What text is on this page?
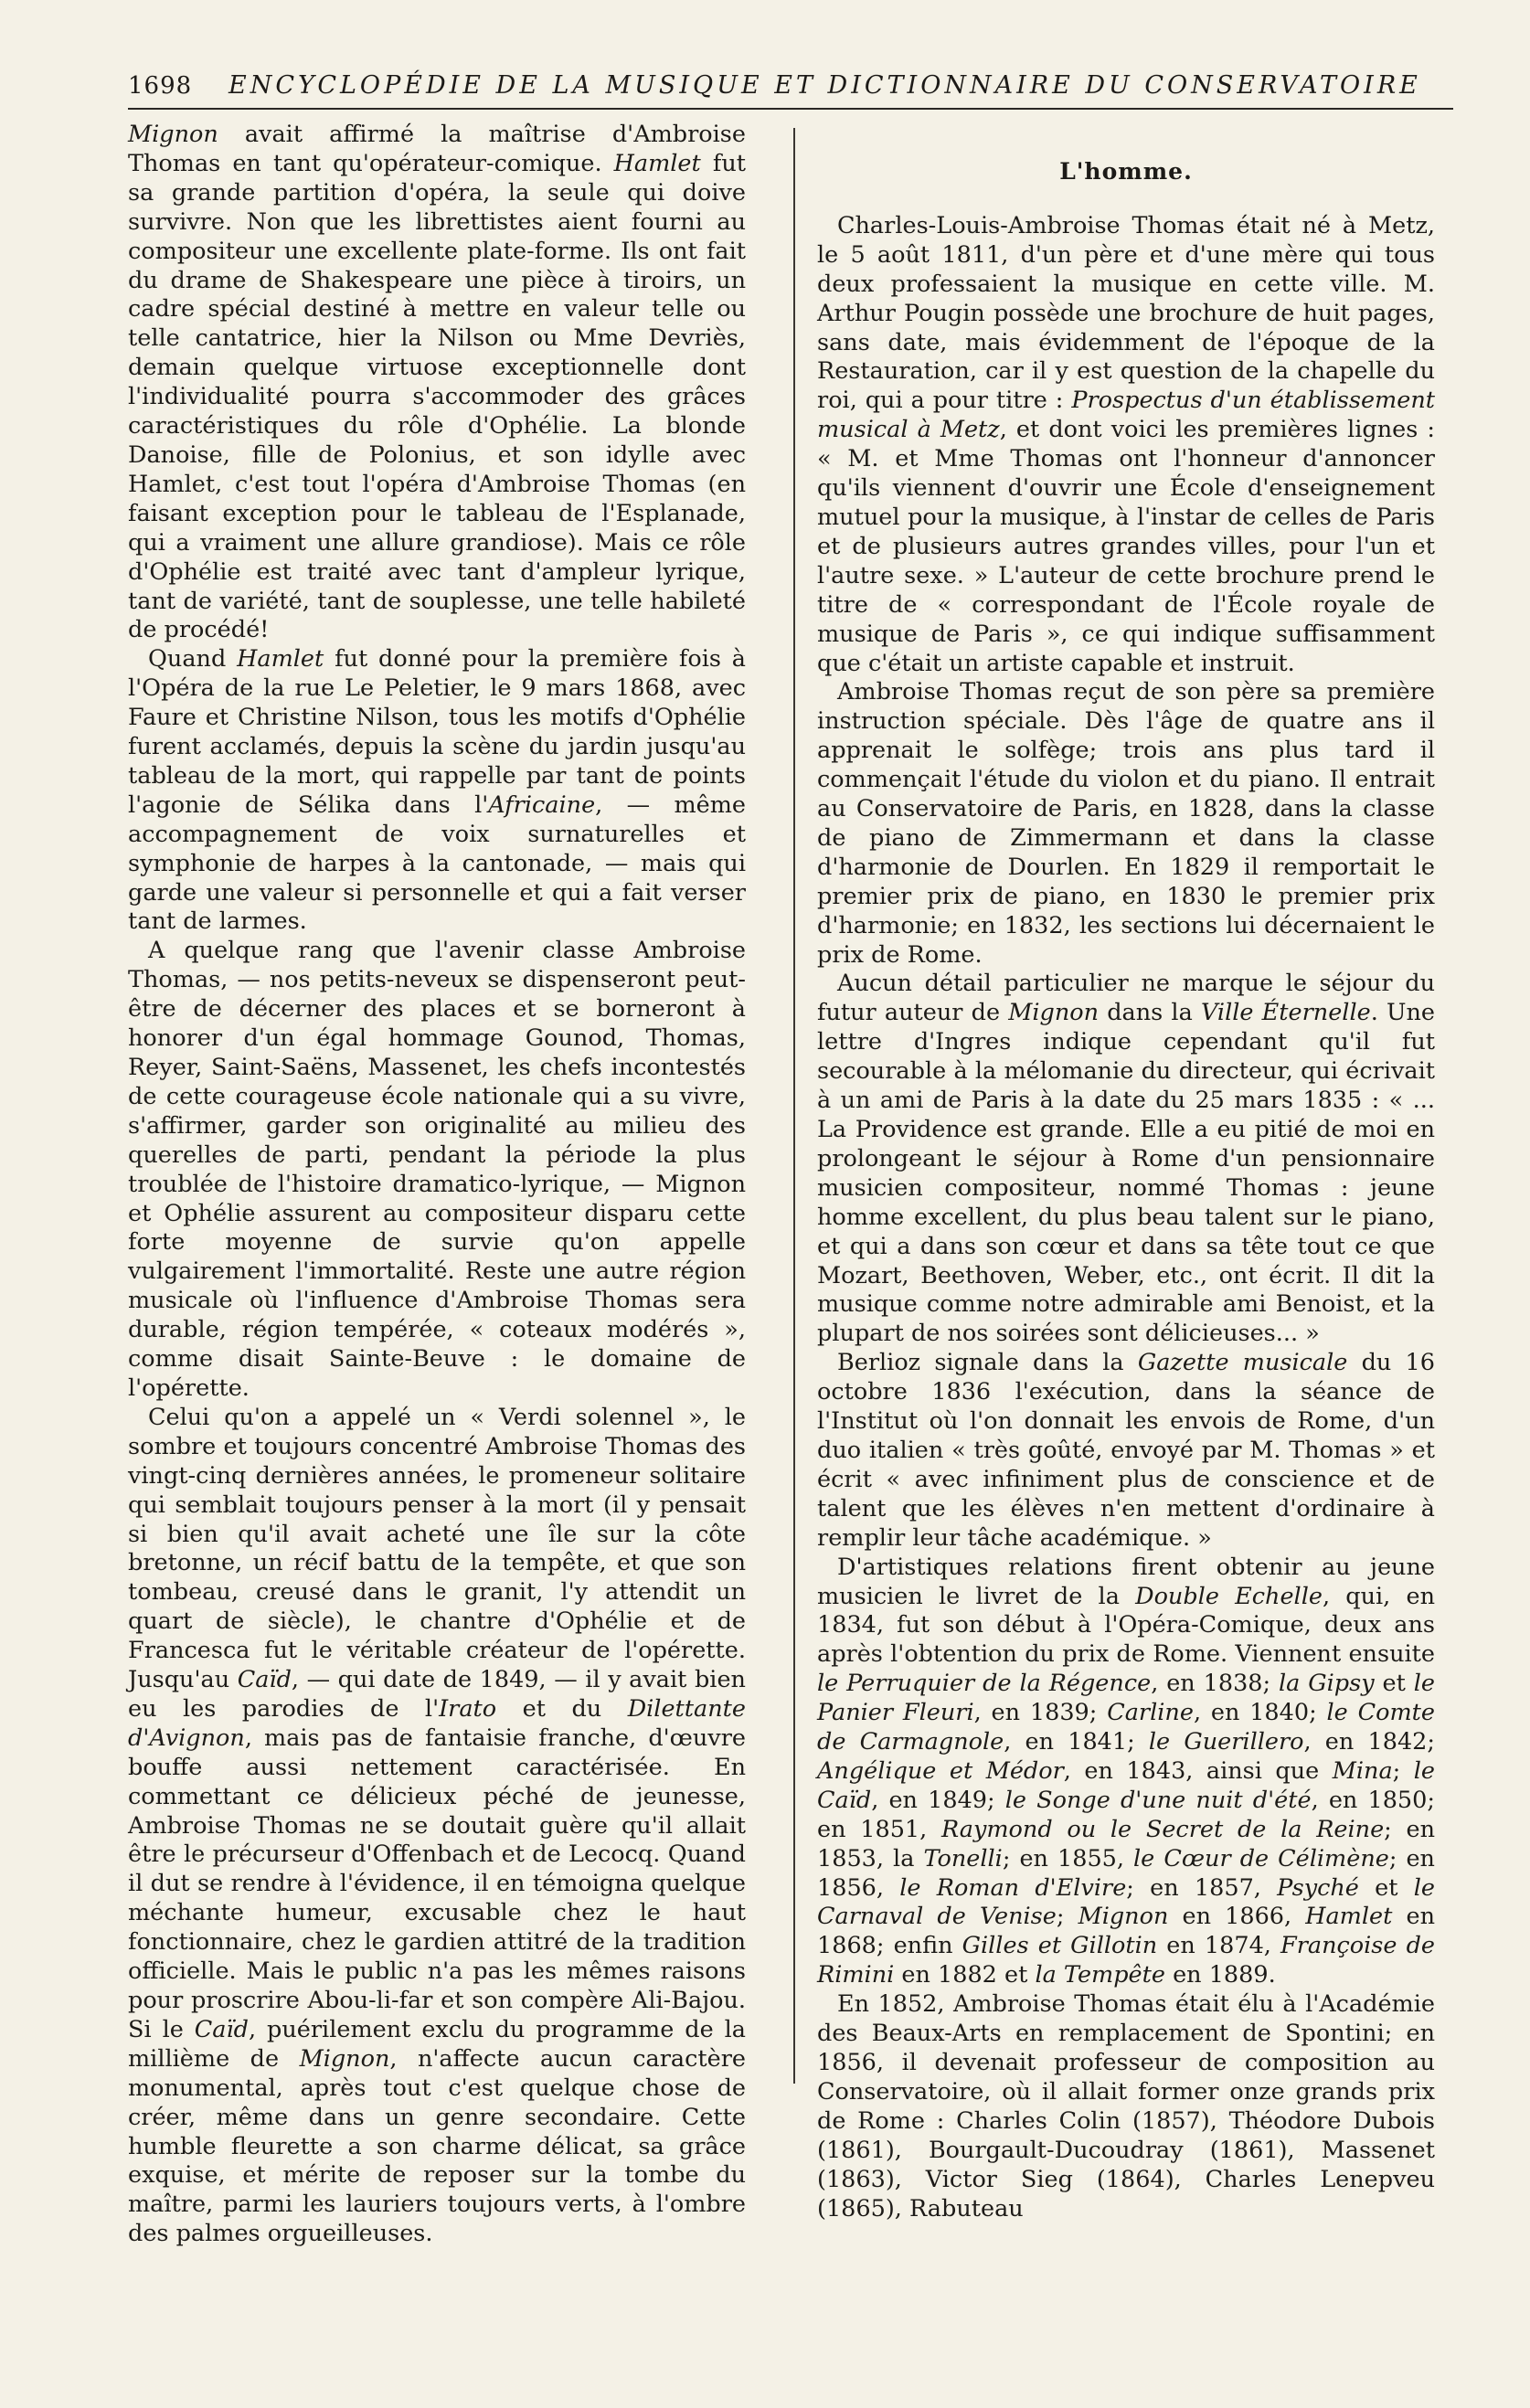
1698	ENCYCLOPÉDIE DE LA MUSIQUE ET DICTIONNAIRE DU CONSERVATOIRE

Mignon avait affirmé la maîtrise d'Ambroise Thomas en tant qu'opérateur-comique. Hamlet fut sa grande partition d'opéra, la seule qui doive survivre. Non que les librettistes aient fourni au compositeur une excellente plate-forme. Ils ont fait du drame de Shakespeare une pièce à tiroirs, un cadre spécial destiné à mettre en valeur telle ou telle cantatrice, hier la Nilson ou Mme Devriès, demain quelque virtuose exceptionnelle dont l'individualité pourra s'accommoder des grâces caractéristiques du rôle d'Ophélie. La blonde Danoise, fille de Polonius, et son idylle avec Hamlet, c'est tout l'opéra d'Ambroise Thomas (en faisant exception pour le tableau de l'Esplanade, qui a vraiment une allure grandiose). Mais ce rôle d'Ophélie est traité avec tant d'ampleur lyrique, tant de variété, tant de souplesse, une telle habileté de procédé!

Quand Hamlet fut donné pour la première fois à l'Opéra de la rue Le Peletier, le 9 mars 1868, avec Faure et Christine Nilson, tous les motifs d'Ophélie furent acclamés, depuis la scène du jardin jusqu'au tableau de la mort, qui rappelle par tant de points l'agonie de Sélika dans l'Africaine, — même accompagnement de voix surnaturelles et symphonie de harpes à la cantonade, — mais qui garde une valeur si personnelle et qui a fait verser tant de larmes.

A quelque rang que l'avenir classe Ambroise Thomas, — nos petits-neveux se dispenseront peut-être de décerner des places et se borneront à honorer d'un égal hommage Gounod, Thomas, Reyer, Saint-Saëns, Massenet, les chefs incontestés de cette courageuse école nationale qui a su vivre, s'affirmer, garder son originalité au milieu des querelles de parti, pendant la période la plus troublée de l'histoire dramatico-lyrique, — Mignon et Ophélie assurent au compositeur disparu cette forte moyenne de survie qu'on appelle vulgairement l'immortalité. Reste une autre région musicale où l'influence d'Ambroise Thomas sera durable, région tempérée, « coteaux modérés », comme disait Sainte-Beuve : le domaine de l'opérette.

Celui qu'on a appelé un « Verdi solennel », le sombre et toujours concentré Ambroise Thomas des vingt-cinq dernières années, le promeneur solitaire qui semblait toujours penser à la mort (il y pensait si bien qu'il avait acheté une île sur la côte bretonne, un récif battu de la tempête, et que son tombeau, creusé dans le granit, l'y attendit un quart de siècle), le chantre d'Ophélie et de Francesca fut le véritable créateur de l'opérette. Jusqu'au Caïd, — qui date de 1849, — il y avait bien eu les parodies de l'Irato et du Dilettante d'Avignon, mais pas de fantaisie franche, d'œuvre bouffe aussi nettement caractérisée. En commettant ce délicieux péché de jeunesse, Ambroise Thomas ne se doutait guère qu'il allait être le précurseur d'Offenbach et de Lecocq. Quand il dut se rendre à l'évidence, il en témoigna quelque méchante humeur, excusable chez le haut fonctionnaire, chez le gardien attitré de la tradition officielle. Mais le public n'a pas les mêmes raisons pour proscrire Abou-li-far et son compère Ali-Bajou. Si le Caïd, puérilement exclu du programme de la millième de Mignon, n'affecte aucun caractère monumental, après tout c'est quelque chose de créer, même dans un genre secondaire. Cette humble fleurette a son charme délicat, sa grâce exquise, et mérite de reposer sur la tombe du maître, parmi les lauriers toujours verts, à l'ombre des palmes orgueilleuses.

L'homme.

Charles-Louis-Ambroise Thomas était né à Metz, le 5 août 1811, d'un père et d'une mère qui tous deux professaient la musique en cette ville. M. Arthur Pougin possède une brochure de huit pages, sans date, mais évidemment de l'époque de la Restauration, car il y est question de la chapelle du roi, qui a pour titre : Prospectus d'un établissement musical à Metz, et dont voici les premières lignes : « M. et Mme Thomas ont l'honneur d'annoncer qu'ils viennent d'ouvrir une École d'enseignement mutuel pour la musique, à l'instar de celles de Paris et de plusieurs autres grandes villes, pour l'un et l'autre sexe. » L'auteur de cette brochure prend le titre de « correspondant de l'École royale de musique de Paris », ce qui indique suffisamment que c'était un artiste capable et instruit.

Ambroise Thomas reçut de son père sa première instruction spéciale. Dès l'âge de quatre ans il apprenait le solfège; trois ans plus tard il commençait l'étude du violon et du piano. Il entrait au Conservatoire de Paris, en 1828, dans la classe de piano de Zimmermann et dans la classe d'harmonie de Dourlen. En 1829 il remportait le premier prix de piano, en 1830 le premier prix d'harmonie; en 1832, les sections lui décernaient le prix de Rome.

Aucun détail particulier ne marque le séjour du futur auteur de Mignon dans la Ville Éternelle. Une lettre d'Ingres indique cependant qu'il fut secourable à la mélomanie du directeur, qui écrivait à un ami de Paris à la date du 25 mars 1835 : « ... La Providence est grande. Elle a eu pitié de moi en prolongeant le séjour à Rome d'un pensionnaire musicien compositeur, nommé Thomas : jeune homme excellent, du plus beau talent sur le piano, et qui a dans son cœur et dans sa tête tout ce que Mozart, Beethoven, Weber, etc., ont écrit. Il dit la musique comme notre admirable ami Benoist, et la plupart de nos soirées sont délicieuses... »

Berlioz signale dans la Gazette musicale du 16 octobre 1836 l'exécution, dans la séance de l'Institut où l'on donnait les envois de Rome, d'un duo italien « très goûté, envoyé par M. Thomas » et écrit « avec infiniment plus de conscience et de talent que les élèves n'en mettent d'ordinaire à remplir leur tâche académique. »

D'artistiques relations firent obtenir au jeune musicien le livret de la Double Echelle, qui, en 1834, fut son début à l'Opéra-Comique, deux ans après l'obtention du prix de Rome. Viennent ensuite le Perruquier de la Régence, en 1838; la Gipsy et le Panier Fleuri, en 1839; Carline, en 1840; le Comte de Carmagnole, en 1841; le Guerillero, en 1842; Angélique et Médor, en 1843, ainsi que Mina; le Caïd, en 1849; le Songe d'une nuit d'été, en 1850; en 1851, Raymond ou le Secret de la Reine; en 1853, la Tonelli; en 1855, le Cœur de Célimène; en 1856, le Roman d'Elvire; en 1857, Psyché et le Carnaval de Venise; Mignon en 1866, Hamlet en 1868; enfin Gilles et Gillotin en 1874, Françoise de Rimini en 1882 et la Tempête en 1889.

En 1852, Ambroise Thomas était élu à l'Académie des Beaux-Arts en remplacement de Spontini; en 1856, il devenait professeur de composition au Conservatoire, où il allait former onze grands prix de Rome : Charles Colin (1857), Théodore Dubois (1861), Bourgault-Ducoudray (1861), Massenet (1863), Victor Sieg (1864), Charles Lenepveu (1865), Rabuteau
